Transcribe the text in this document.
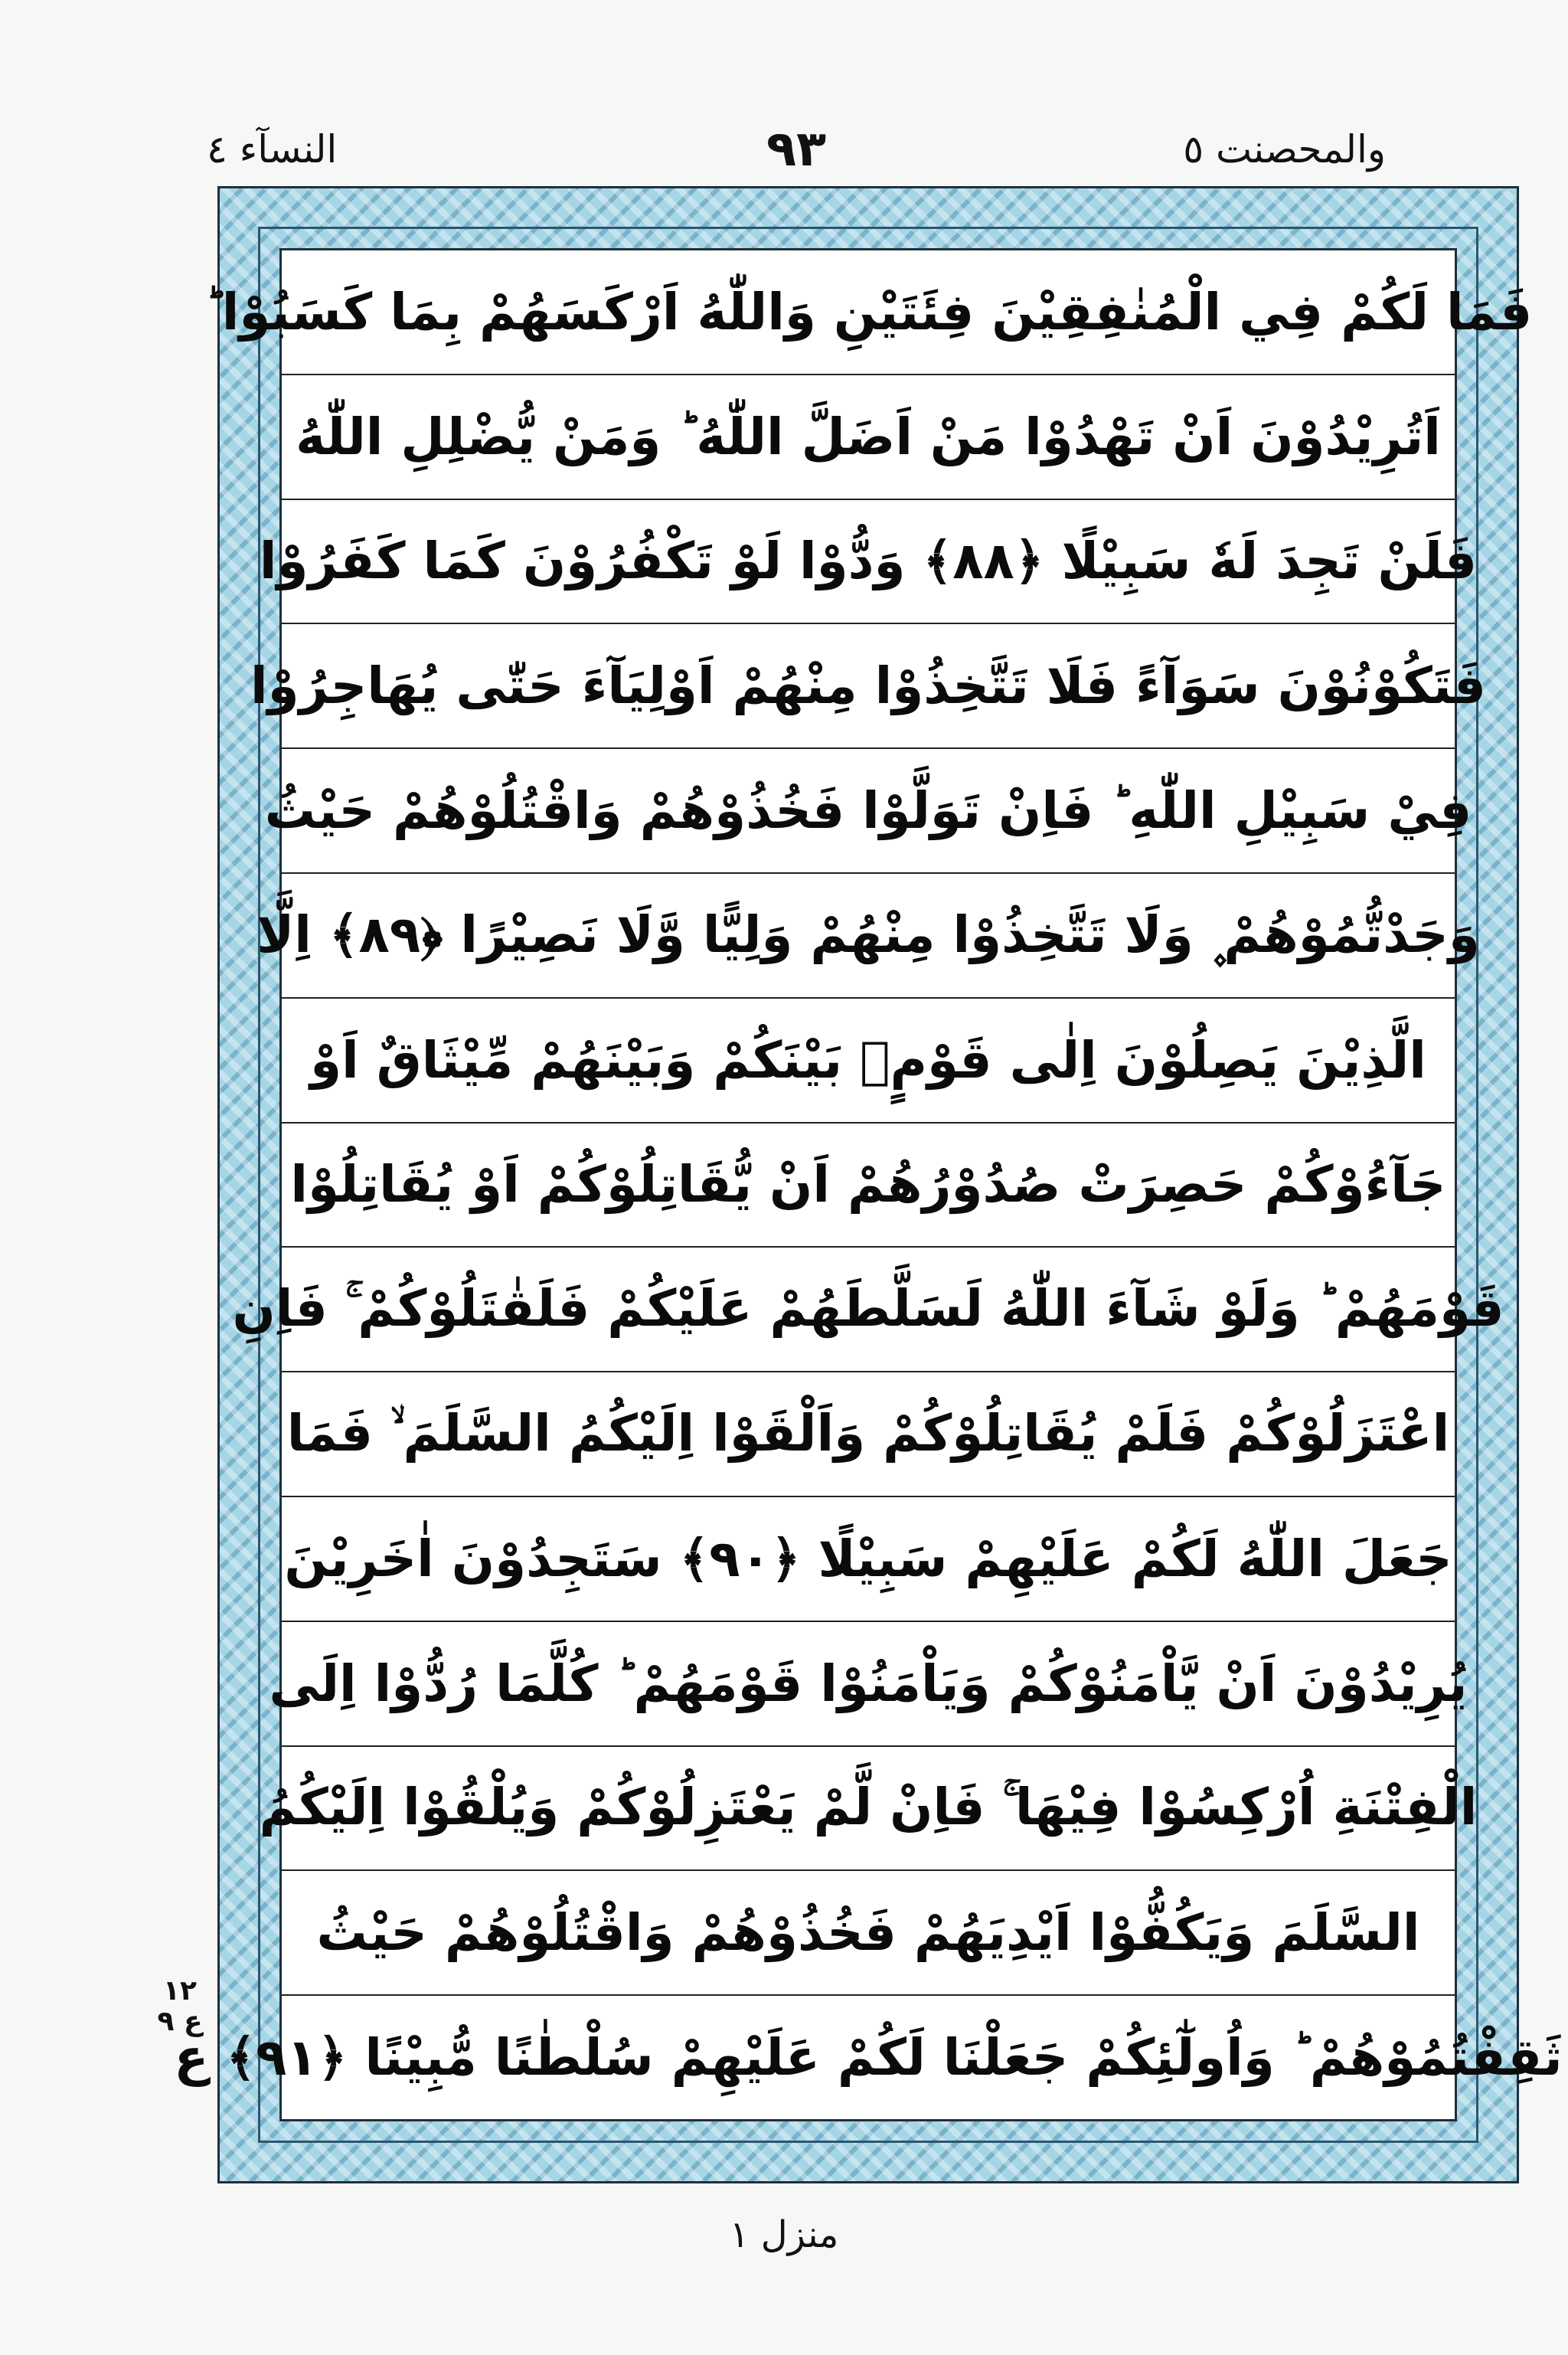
النسآء ٤	٩٣	والمحصنت ٥
فَمَا لَكُمْ فِي الْمُنٰفِقِيْنَ فِئَتَيْنِ وَاللّٰهُ اَرْكَسَهُمْ بِمَا كَسَبُوْا ؕ
اَتُرِيْدُوْنَ اَنْ تَهْدُوْا مَنْ اَضَلَّ اللّٰهُ ؕ وَمَنْ يُّضْلِلِ اللّٰهُ
فَلَنْ تَجِدَ لَهٗ سَبِيْلًا ﴿٨٨﴾ وَدُّوْا لَوْ تَكْفُرُوْنَ كَمَا كَفَرُوْا
فَتَكُوْنُوْنَ سَوَآءً فَلَا تَتَّخِذُوْا مِنْهُمْ اَوْلِيَآءَ حَتّٰى يُهَاجِرُوْا
فِيْ سَبِيْلِ اللّٰهِ ؕ فَاِنْ تَوَلَّوْا فَخُذُوْهُمْ وَاقْتُلُوْهُمْ حَيْثُ
وَجَدْتُّمُوْهُمْ ۪ وَلَا تَتَّخِذُوْا مِنْهُمْ وَلِيًّا وَّلَا نَصِيْرًا ﴿٨٩﴾ اِلَّا
الَّذِيْنَ يَصِلُوْنَ اِلٰى قَوْمٍۭ بَيْنَكُمْ وَبَيْنَهُمْ مِّيْثَاقٌ اَوْ
جَآءُوْكُمْ حَصِرَتْ صُدُوْرُهُمْ اَنْ يُّقَاتِلُوْكُمْ اَوْ يُقَاتِلُوْا
قَوْمَهُمْ ؕ وَلَوْ شَآءَ اللّٰهُ لَسَلَّطَهُمْ عَلَيْكُمْ فَلَقٰتَلُوْكُمْ ۚ فَاِنِ
اعْتَزَلُوْكُمْ فَلَمْ يُقَاتِلُوْكُمْ وَاَلْقَوْا اِلَيْكُمُ السَّلَمَ ۙ فَمَا
جَعَلَ اللّٰهُ لَكُمْ عَلَيْهِمْ سَبِيْلًا ﴿٩٠﴾ سَتَجِدُوْنَ اٰخَرِيْنَ
يُرِيْدُوْنَ اَنْ يَّاْمَنُوْكُمْ وَيَاْمَنُوْا قَوْمَهُمْ ؕ كُلَّمَا رُدُّوْا اِلَى
الْفِتْنَةِ اُرْكِسُوْا فِيْهَا ۚ فَاِنْ لَّمْ يَعْتَزِلُوْكُمْ وَيُلْقُوْا اِلَيْكُمُ
السَّلَمَ وَيَكُفُّوْا اَيْدِيَهُمْ فَخُذُوْهُمْ وَاقْتُلُوْهُمْ حَيْثُ
ثَقِفْتُمُوْهُمْ ؕ وَاُولٰٓئِكُمْ جَعَلْنَا لَكُمْ عَلَيْهِمْ سُلْطٰنًا مُّبِيْنًا ﴿٩١﴾ ع
١٢ ع ٩
منزل ١
